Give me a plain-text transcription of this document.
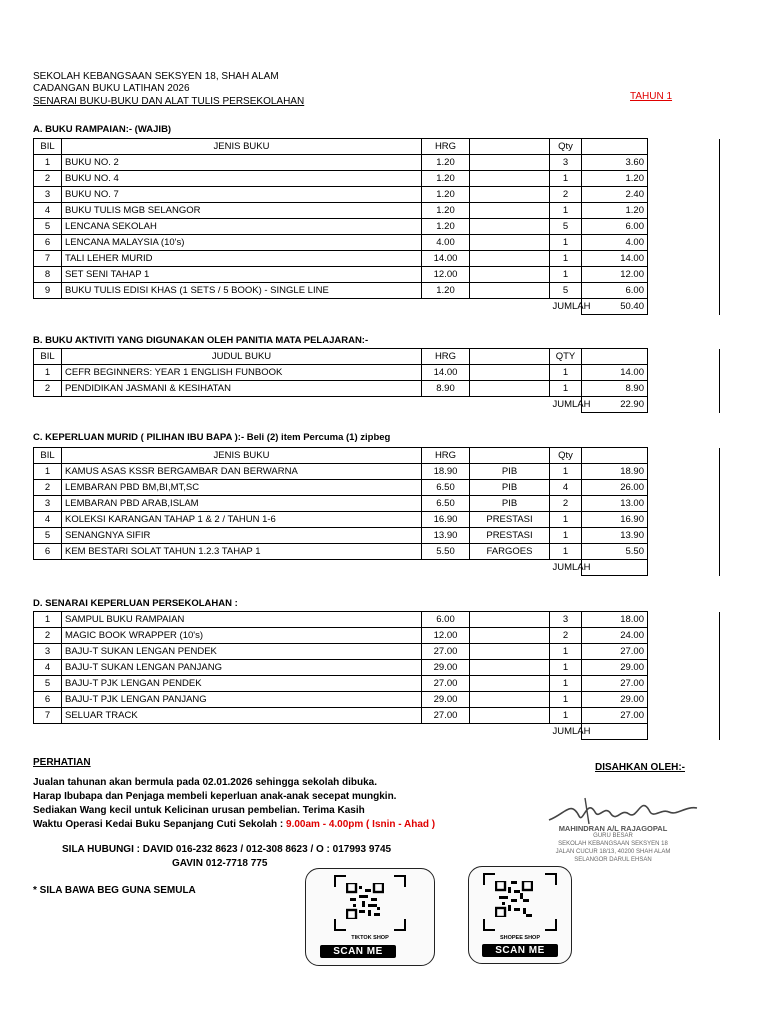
SEKOLAH KEBANGSAAN SEKSYEN 18, SHAH ALAM
CADANGAN BUKU LATIHAN 2026
SENARAI BUKU-BUKU DAN ALAT TULIS PERSEKOLAHAN	TAHUN 1
A. BUKU RAMPAIAN:- (WAJIB)
BIL	JENIS BUKU	HRG		Qty		
1	BUKU NO. 2	1.20		3	3.60	
2	BUKU NO. 4	1.20		1	1.20	
3	BUKU NO. 7	1.20		2	2.40	
4	BUKU TULIS MGB SELANGOR	1.20		1	1.20	
5	LENCANA SEKOLAH	1.20		5	6.00	
6	LENCANA MALAYSIA (10's)	4.00		1	4.00	
7	TALI LEHER MURID	14.00		1	14.00	
8	SET SENI TAHAP 1	12.00		1	12.00	
9	BUKU TULIS EDISI KHAS (1 SETS / 5 BOOK) - SINGLE LINE	1.20		5	6.00	
				JUMLAH	50.40	
B. BUKU AKTIVITI YANG DIGUNAKAN OLEH PANITIA MATA PELAJARAN:-
BIL	JUDUL BUKU	HRG		QTY		
1	CEFR BEGINNERS: YEAR 1 ENGLISH FUNBOOK	14.00		1	14.00	
2	PENDIDIKAN JASMANI & KESIHATAN	8.90		1	8.90	
				JUMLAH	22.90	
C. KEPERLUAN MURID ( PILIHAN IBU BAPA ):- Beli (2) item Percuma (1) zipbeg
BIL	JENIS BUKU	HRG		Qty		
1	KAMUS ASAS KSSR BERGAMBAR DAN BERWARNA	18.90	PIB	1	18.90	
2	LEMBARAN PBD BM,BI,MT,SC	6.50	PIB	4	26.00	
3	LEMBARAN PBD ARAB,ISLAM	6.50	PIB	2	13.00	
4	KOLEKSI KARANGAN TAHAP 1 & 2 / TAHUN 1-6	16.90	PRESTASI	1	16.90	
5	SENANGNYA SIFIR	13.90	PRESTASI	1	13.90	
6	KEM BESTARI SOLAT TAHUN 1.2.3 TAHAP 1	5.50	FARGOES	1	5.50	
				JUMLAH		
D. SENARAI KEPERLUAN PERSEKOLAHAN :
1	SAMPUL BUKU RAMPAIAN	6.00		3	18.00	
2	MAGIC BOOK WRAPPER (10's)	12.00		2	24.00	
3	BAJU-T SUKAN LENGAN PENDEK	27.00		1	27.00	
4	BAJU-T SUKAN LENGAN PANJANG	29.00		1	29.00	
5	BAJU-T PJK LENGAN PENDEK	27.00		1	27.00	
6	BAJU-T PJK LENGAN PANJANG	29.00		1	29.00	
7	SELUAR TRACK	27.00		1	27.00	
				JUMLAH		
PERHATIAN
Jualan tahunan akan bermula pada 02.01.2026 sehingga sekolah dibuka.
Harap Ibubapa dan Penjaga membeli keperluan anak-anak secepat mungkin.
Sediakan Wang kecil untuk Kelicinan urusan pembelian. Terima Kasih
Waktu Operasi Kedai Buku Sepanjang Cuti Sekolah : 9.00am - 4.00pm ( Isnin - Ahad )
SILA HUBUNGI : DAVID 016-232 8623 / 012-308 8623 / O : 017993 9745
GAVIN 012-7718 775
* SILA BAWA BEG GUNA SEMULA
DISAHKAN OLEH:-
MAHINDRAN A/L RAJAGOPAL
GURU BESAR
SEKOLAH KEBANGSAAN SEKSYEN 18
JALAN CUCUR 18/13, 40200 SHAH ALAM
SELANGOR DARUL EHSAN
TIKTOK SHOP
SCAN ME
SHOPEE SHOP
SCAN ME
